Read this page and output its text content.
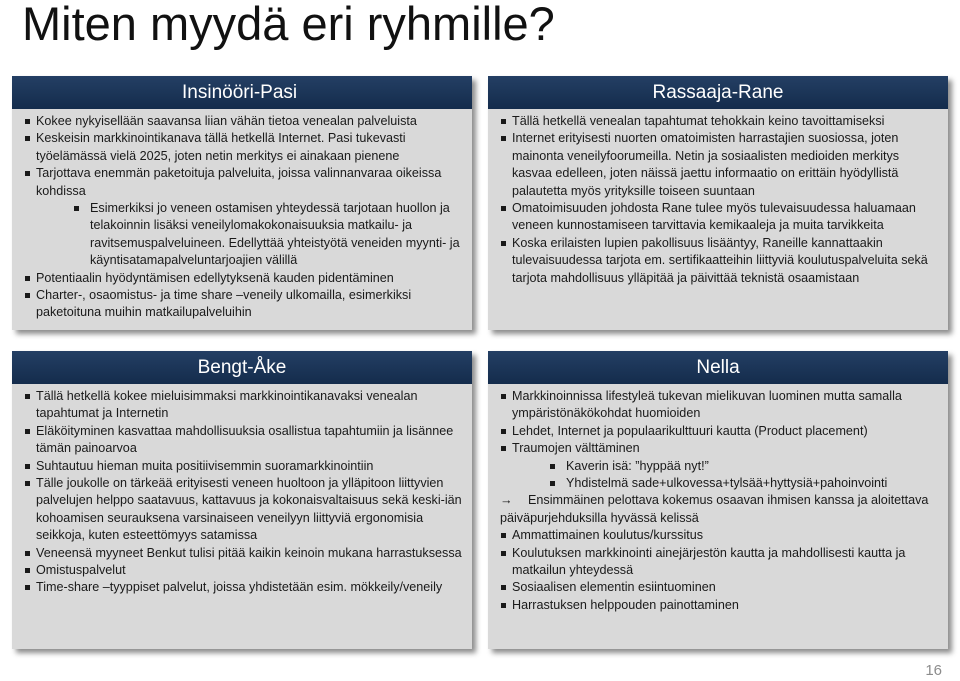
Miten myydä eri ryhmille?
Insinööri-Pasi
Kokee nykyisellään saavansa liian vähän tietoa venealan palveluista
Keskeisin markkinointikanava tällä hetkellä Internet. Pasi tukevasti työelämässä vielä 2025, joten netin merkitys ei ainakaan pienene
Tarjottava enemmän paketoituja palveluita, joissa valinnanvaraa oikeissa kohdissa
Esimerkiksi jo veneen ostamisen yhteydessä tarjotaan huollon ja telakoinnin lisäksi veneilylomakokonaisuuksia matkailu- ja ravitsemuspalveluineen. Edellyttää yhteistyötä veneiden myynti- ja käyntisatamapalveluntarjoajien välillä
Potentiaalin hyödyntämisen edellytyksenä kauden pidentäminen
Charter-, osaomistus- ja time share –veneily ulkomailla, esimerkiksi paketoituna muihin matkailupalveluihin
Rassaaja-Rane
Tällä hetkellä venealan tapahtumat tehokkain keino tavoittamiseksi
Internet erityisesti nuorten omatoimisten harrastajien suosiossa, joten mainonta veneilyfoorumeilla. Netin ja sosiaalisten medioiden merkitys kasvaa edelleen, joten näissä jaettu informaatio on erittäin hyödyllistä palautetta myös yrityksille toiseen suuntaan
Omatoimisuuden johdosta Rane tulee myös tulevaisuudessa haluamaan veneen kunnostamiseen tarvittavia kemikaaleja ja muita tarvikkeita
Koska erilaisten lupien pakollisuus lisääntyy, Raneille kannattaakin tulevaisuudessa tarjota em. sertifikaatteihin liittyviä koulutuspalveluita sekä tarjota mahdollisuus ylläpitää ja päivittää teknistä osaamistaan
Bengt-Åke
Tällä hetkellä kokee mieluisimmaksi markkinointikanavaksi venealan tapahtumat ja Internetin
Eläköityminen kasvattaa mahdollisuuksia osallistua tapahtumiin ja lisännee tämän painoarvoa
Suhtautuu hieman muita positiivisemmin suoramarkkinointiin
Tälle joukolle on tärkeää erityisesti veneen huoltoon ja ylläpitoon liittyvien palvelujen helppo saatavuus, kattavuus ja kokonaisvaltaisuus sekä keski-iän kohoamisen seurauksena varsinaiseen veneilyyn liittyviä ergonomisia seikkoja, kuten esteettömyys satamissa
Veneensä myyneet Benkut tulisi pitää kaikin keinoin mukana harrastuksessa
Omistuspalvelut
Time-share –tyyppiset palvelut, joissa yhdistetään esim. mökkeily/veneily
Nella
Markkinoinnissa lifestyleä tukevan mielikuvan luominen mutta samalla ympäristönäkökohdat huomioiden
Lehdet, Internet ja populaarikulttuuri kautta (Product placement)
Traumojen välttäminen
Kaverin isä: ”hyppää nyt!”
Yhdistelmä sade+ulkovessa+tylsää+hyttysiä+pahoinvointi
→ Ensimmäinen pelottava kokemus osaavan ihmisen kanssa ja aloitettava päiväpurjehduksilla hyvässä kelissä
Ammattimainen koulutus/kurssitus
Koulutuksen markkinointi ainejärjestön kautta ja mahdollisesti kautta ja matkailun yhteydessä
Sosiaalisen elementin esiintuominen
Harrastuksen helppouden painottaminen
16
